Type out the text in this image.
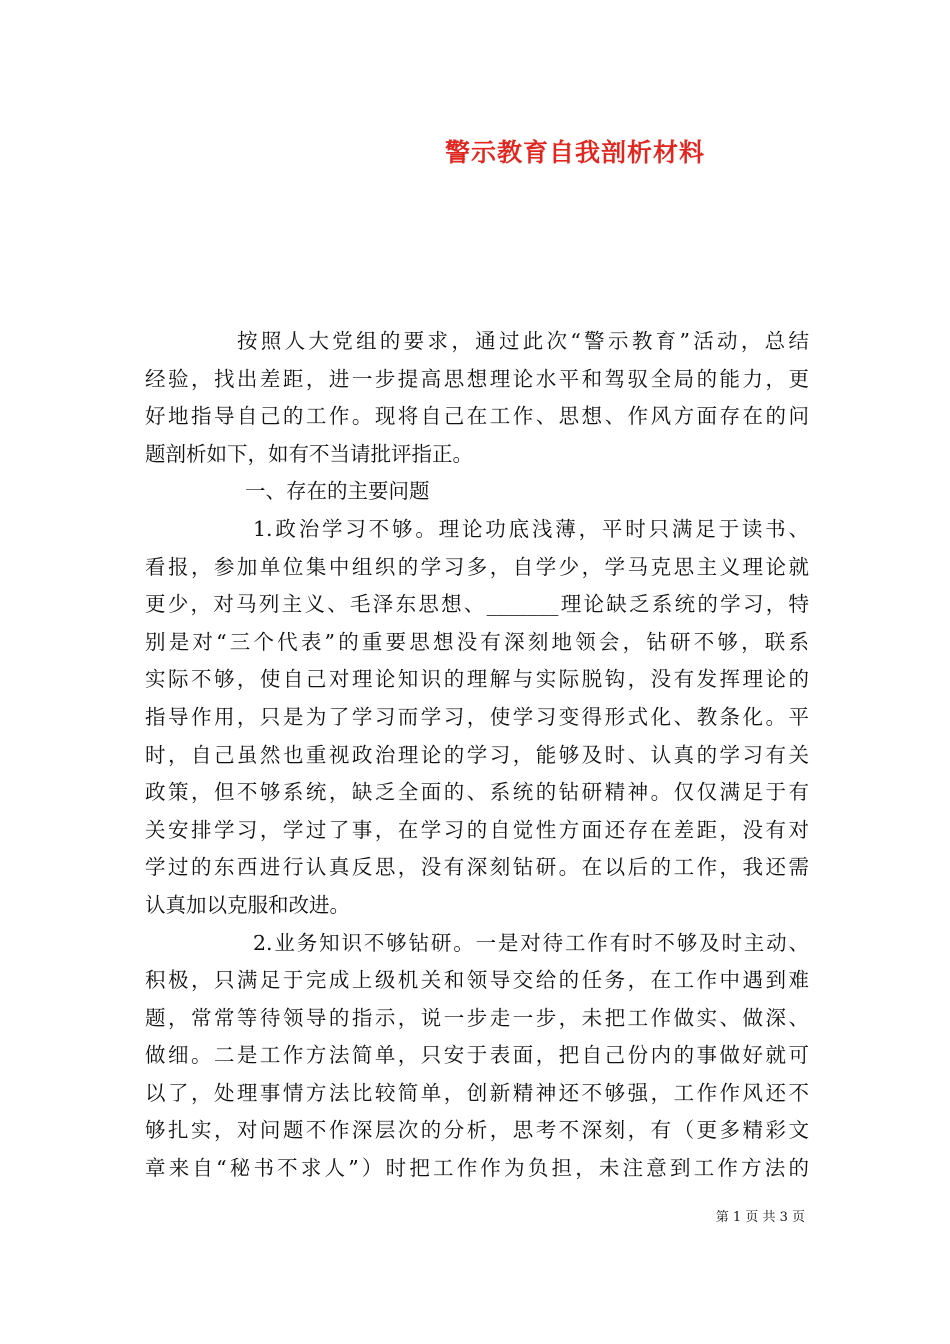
警示教育自我剖析材料
按照人大党组的要求，通过此次“警示教育”活动，总结
经验，找出差距，进一步提高思想理论水平和驾驭全局的能力，更
好地指导自己的工作。现将自己在工作、思想、作风方面存在的问
题剖析如下，如有不当请批评指正。
一、存在的主要问题
1.政治学习不够。理论功底浅薄，平时只满足于读书、
看报，参加单位集中组织的学习多，自学少，学马克思主义理论就
更少，对马列主义、毛泽东思想、_______理论缺乏系统的学习，特
别是对“三个代表”的重要思想没有深刻地领会，钻研不够，联系
实际不够，使自己对理论知识的理解与实际脱钩，没有发挥理论的
指导作用，只是为了学习而学习，使学习变得形式化、教条化。平
时，自己虽然也重视政治理论的学习，能够及时、认真的学习有关
政策，但不够系统，缺乏全面的、系统的钻研精神。仅仅满足于有
关安排学习，学过了事，在学习的自觉性方面还存在差距，没有对
学过的东西进行认真反思，没有深刻钻研。在以后的工作，我还需
认真加以克服和改进。
2.业务知识不够钻研。一是对待工作有时不够及时主动、
积极，只满足于完成上级机关和领导交给的任务，在工作中遇到难
题，常常等待领导的指示，说一步走一步，未把工作做实、做深、
做细。二是工作方法简单，只安于表面，把自己份内的事做好就可
以了，处理事情方法比较简单，创新精神还不够强，工作作风还不
够扎实，对问题不作深层次的分析，思考不深刻，有（更多精彩文
章来自“秘书不求人”）时把工作作为负担，未注意到工作方法的
第 1 页 共 3 页
